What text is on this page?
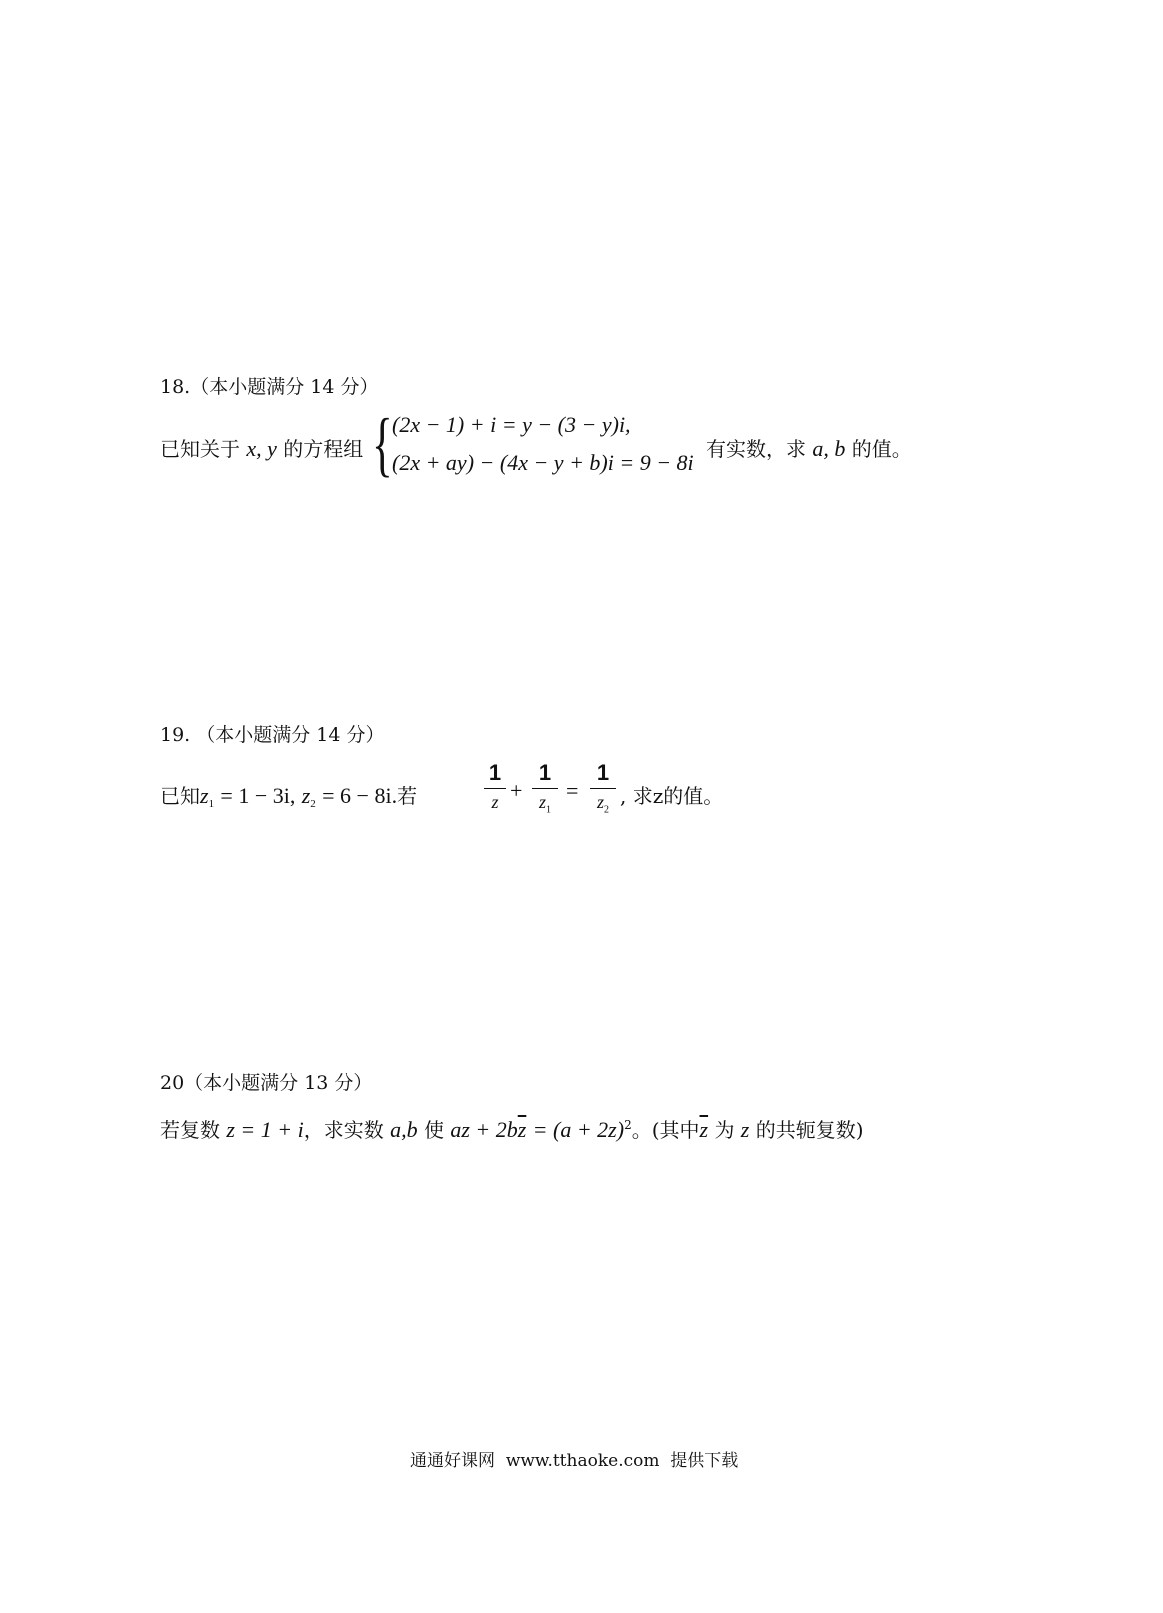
18.（本小题满分 14 分）
已知关于 x, y 的方程组 { (2x − 1) + i = y − (3 − y)i,
(2x + ay) − (4x − y + b)i = 9 − 8i
有实数，求 a, b 的值。
19. （本小题满分 14 分）
已知$z_1 = 1 - 3i$, $z_2 = 6 - 8i$.若
1
z +
1
$z_1$
=
1
$z_2$
, 求z的值。
20（本小题满分 13 分）
若复数 z = 1 + i，求实数 a,b 使 az + $2b\overline{z} = (a + 2z)^2$。(其中$\overline{z}$ 为 z 的共轭复数)
通通好课网 www.tthaoke.com 提供下载
